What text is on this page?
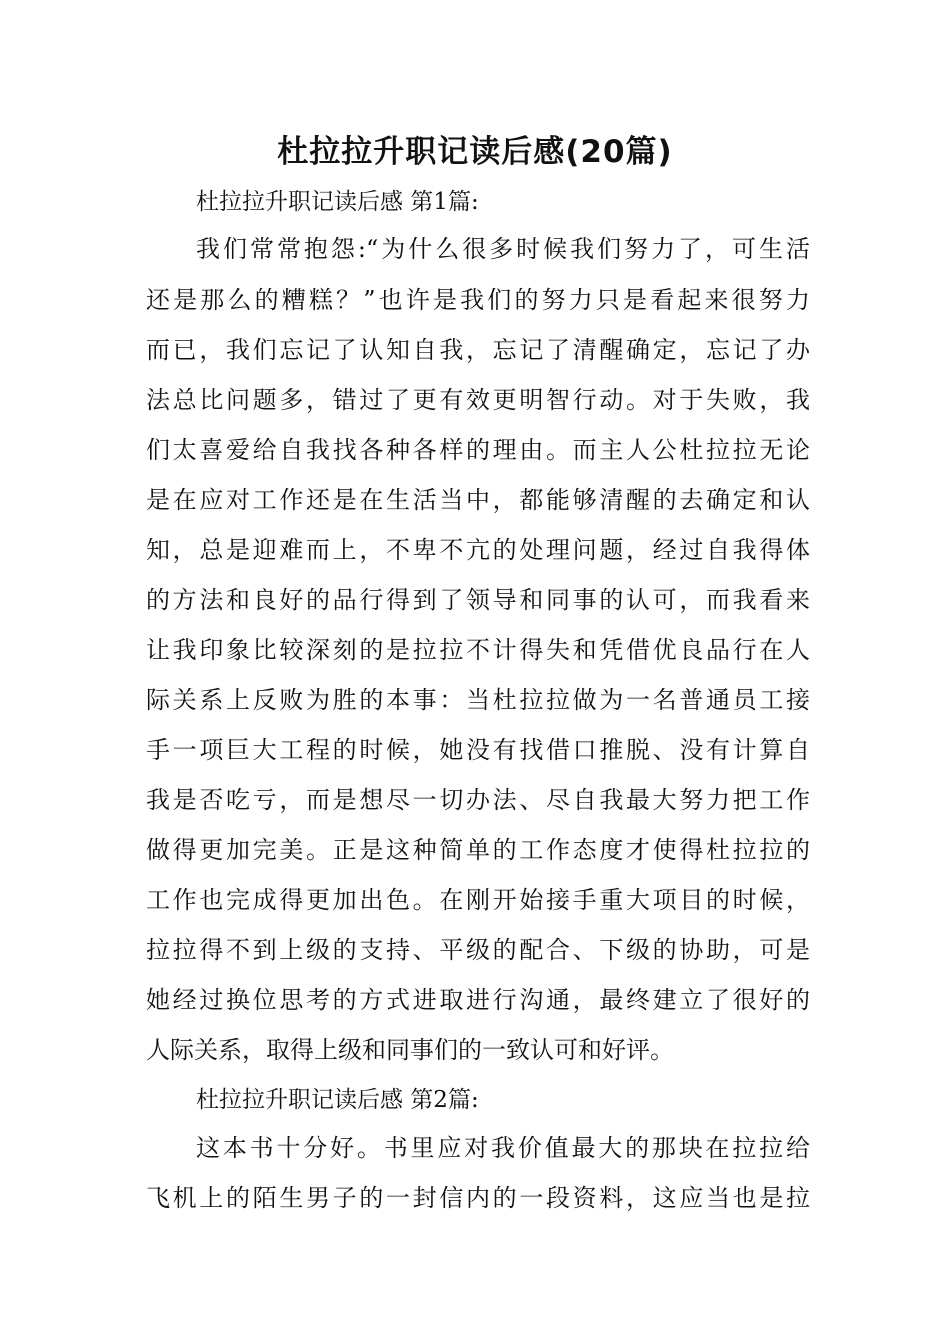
杜拉拉升职记读后感(20篇)

杜拉拉升职记读后感 第1篇:

我们常常抱怨:“为什么很多时候我们努力了，可生活

还是那么的糟糕？”也许是我们的努力只是看起来很努力

而已，我们忘记了认知自我，忘记了清醒确定，忘记了办

法总比问题多，错过了更有效更明智行动。对于失败，我

们太喜爱给自我找各种各样的理由。而主人公杜拉拉无论

是在应对工作还是在生活当中，都能够清醒的去确定和认

知，总是迎难而上，不卑不亢的处理问题，经过自我得体

的方法和良好的品行得到了领导和同事的认可，而我看来

让我印象比较深刻的是拉拉不计得失和凭借优良品行在人

际关系上反败为胜的本事：当杜拉拉做为一名普通员工接

手一项巨大工程的时候，她没有找借口推脱、没有计算自

我是否吃亏，而是想尽一切办法、尽自我最大努力把工作

做得更加完美。正是这种简单的工作态度才使得杜拉拉的

工作也完成得更加出色。在刚开始接手重大项目的时候，

拉拉得不到上级的支持、平级的配合、下级的协助，可是

她经过换位思考的方式进取进行沟通，最终建立了很好的

人际关系，取得上级和同事们的一致认可和好评。

杜拉拉升职记读后感 第2篇:

这本书十分好。书里应对我价值最大的那块在拉拉给

飞机上的陌生男子的一封信内的一段资料，这应当也是拉
